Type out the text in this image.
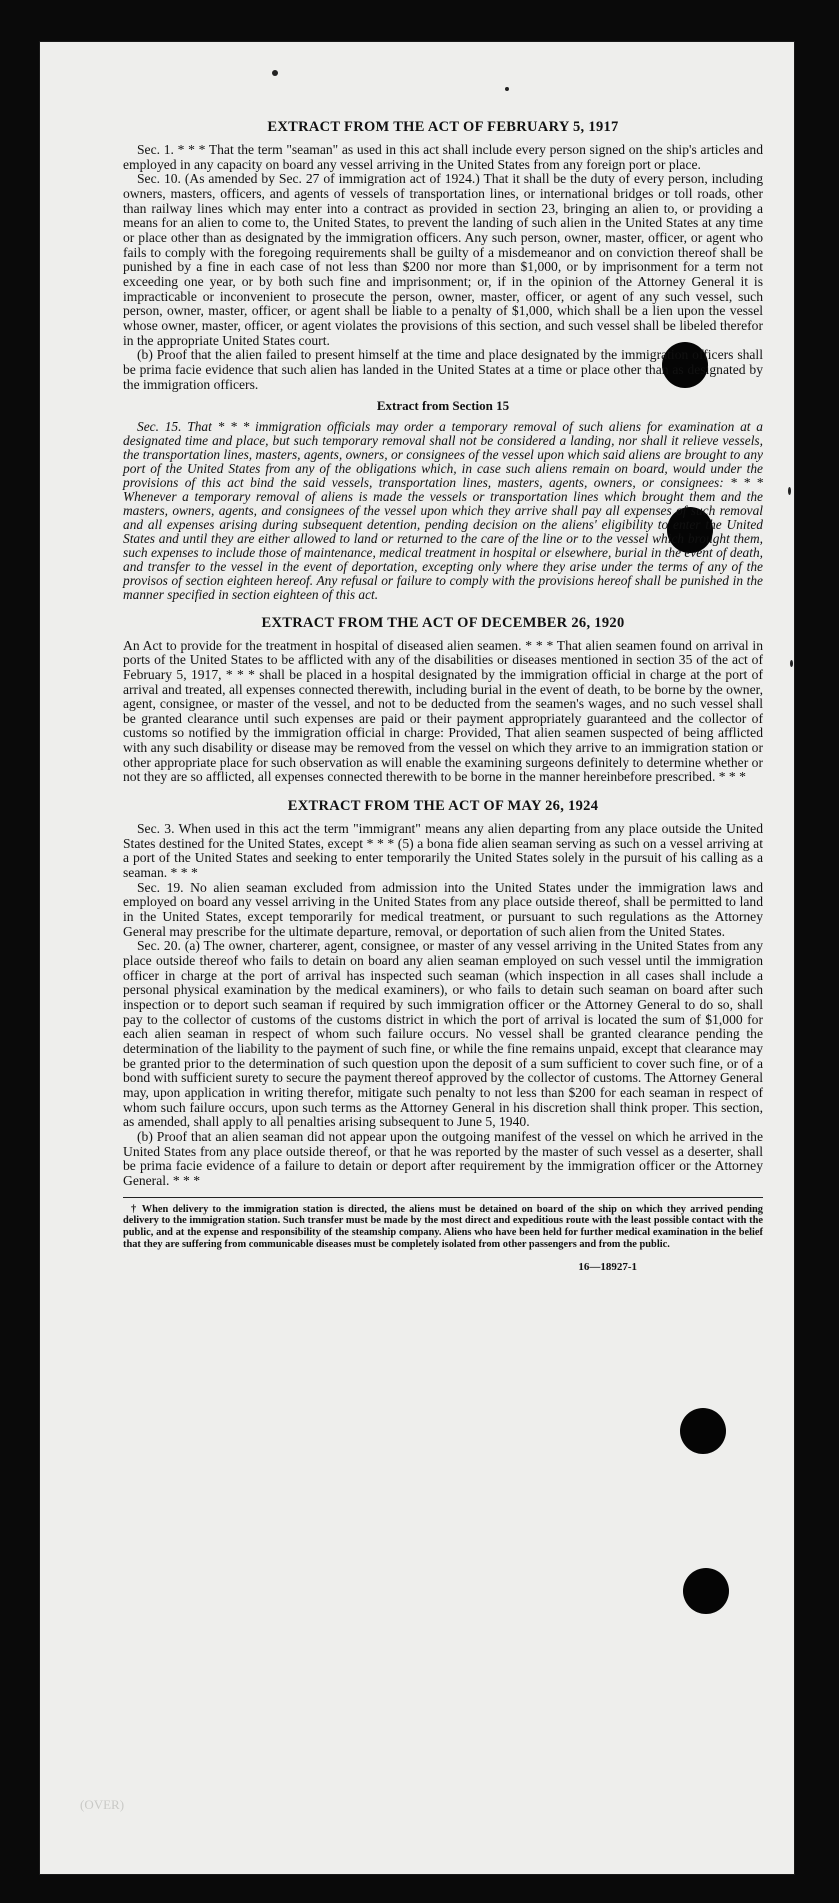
(OVER)
EXTRACT FROM THE ACT OF FEBRUARY 5, 1917

Sec. 1. * * * That the term "seaman" as used in this act shall include every person signed on the ship's articles and employed in any capacity on board any vessel arriving in the United States from any foreign port or place.

Sec. 10. (As amended by Sec. 27 of immigration act of 1924.) That it shall be the duty of every person, including owners, masters, officers, and agents of vessels of transportation lines, or international bridges or toll roads, other than railway lines which may enter into a contract as provided in section 23, bringing an alien to, or providing a means for an alien to come to, the United States, to prevent the landing of such alien in the United States at any time or place other than as designated by the immigration officers. Any such person, owner, master, officer, or agent who fails to comply with the foregoing requirements shall be guilty of a misdemeanor and on conviction thereof shall be punished by a fine in each case of not less than $200 nor more than $1,000, or by imprisonment for a term not exceeding one year, or by both such fine and imprisonment; or, if in the opinion of the Attorney General it is impracticable or inconvenient to prosecute the person, owner, master, officer, or agent of any such vessel, such person, owner, master, officer, or agent shall be liable to a penalty of $1,000, which shall be a lien upon the vessel whose owner, master, officer, or agent violates the provisions of this section, and such vessel shall be libeled therefor in the appropriate United States court.

(b) Proof that the alien failed to present himself at the time and place designated by the immigration officers shall be prima facie evidence that such alien has landed in the United States at a time or place other than as designated by the immigration officers.

Extract from Section 15

Sec. 15. That * * * immigration officials may order a temporary removal of such aliens for examination at a designated time and place, but such temporary removal shall not be considered a landing, nor shall it relieve vessels, the transportation lines, masters, agents, owners, or consignees of the vessel upon which said aliens are brought to any port of the United States from any of the obligations which, in case such aliens remain on board, would under the provisions of this act bind the said vessels, transportation lines, masters, agents, owners, or consignees: * * * Whenever a temporary removal of aliens is made the vessels or transportation lines which brought them and the masters, owners, agents, and consignees of the vessel upon which they arrive shall pay all expenses of such removal and all expenses arising during subsequent detention, pending decision on the aliens' eligibility to enter the United States and until they are either allowed to land or returned to the care of the line or to the vessel which brought them, such expenses to include those of maintenance, medical treatment in hospital or elsewhere, burial in the event of death, and transfer to the vessel in the event of deportation, excepting only where they arise under the terms of any of the provisos of section eighteen hereof. Any refusal or failure to comply with the provisions hereof shall be punished in the manner specified in section eighteen of this act.

EXTRACT FROM THE ACT OF DECEMBER 26, 1920

An Act to provide for the treatment in hospital of diseased alien seamen. * * * That alien seamen found on arrival in ports of the United States to be afflicted with any of the disabilities or diseases mentioned in section 35 of the act of February 5, 1917, * * * shall be placed in a hospital designated by the immigration official in charge at the port of arrival and treated, all expenses connected therewith, including burial in the event of death, to be borne by the owner, agent, consignee, or master of the vessel, and not to be deducted from the seamen's wages, and no such vessel shall be granted clearance until such expenses are paid or their payment appropriately guaranteed and the collector of customs so notified by the immigration official in charge: Provided, That alien seamen suspected of being afflicted with any such disability or disease may be removed from the vessel on which they arrive to an immigration station or other appropriate place for such observation as will enable the examining surgeons definitely to determine whether or not they are so afflicted, all expenses connected therewith to be borne in the manner hereinbefore prescribed. * * *

EXTRACT FROM THE ACT OF MAY 26, 1924

Sec. 3. When used in this act the term "immigrant" means any alien departing from any place outside the United States destined for the United States, except * * * (5) a bona fide alien seaman serving as such on a vessel arriving at a port of the United States and seeking to enter temporarily the United States solely in the pursuit of his calling as a seaman. * * *

Sec. 19. No alien seaman excluded from admission into the United States under the immigration laws and employed on board any vessel arriving in the United States from any place outside thereof, shall be permitted to land in the United States, except temporarily for medical treatment, or pursuant to such regulations as the Attorney General may prescribe for the ultimate departure, removal, or deportation of such alien from the United States.

Sec. 20. (a) The owner, charterer, agent, consignee, or master of any vessel arriving in the United States from any place outside thereof who fails to detain on board any alien seaman employed on such vessel until the immigration officer in charge at the port of arrival has inspected such seaman (which inspection in all cases shall include a personal physical examination by the medical examiners), or who fails to detain such seaman on board after such inspection or to deport such seaman if required by such immigration officer or the Attorney General to do so, shall pay to the collector of customs of the customs district in which the port of arrival is located the sum of $1,000 for each alien seaman in respect of whom such failure occurs. No vessel shall be granted clearance pending the determination of the liability to the payment of such fine, or while the fine remains unpaid, except that clearance may be granted prior to the determination of such question upon the deposit of a sum sufficient to cover such fine, or of a bond with sufficient surety to secure the payment thereof approved by the collector of customs. The Attorney General may, upon application in writing therefor, mitigate such penalty to not less than $200 for each seaman in respect of whom such failure occurs, upon such terms as the Attorney General in his discretion shall think proper. This section, as amended, shall apply to all penalties arising subsequent to June 5, 1940.

(b) Proof that an alien seaman did not appear upon the outgoing manifest of the vessel on which he arrived in the United States from any place outside thereof, or that he was reported by the master of such vessel as a deserter, shall be prima facie evidence of a failure to detain or deport after requirement by the immigration officer or the Attorney General. * * *

† When delivery to the immigration station is directed, the aliens must be detained on board of the ship on which they arrived pending delivery to the immigration station. Such transfer must be made by the most direct and expeditious route with the least possible contact with the public, and at the expense and responsibility of the steamship company. Aliens who have been held for further medical examination in the belief that they are suffering from communicable diseases must be completely isolated from other passengers and from the public.

16—18927-1
